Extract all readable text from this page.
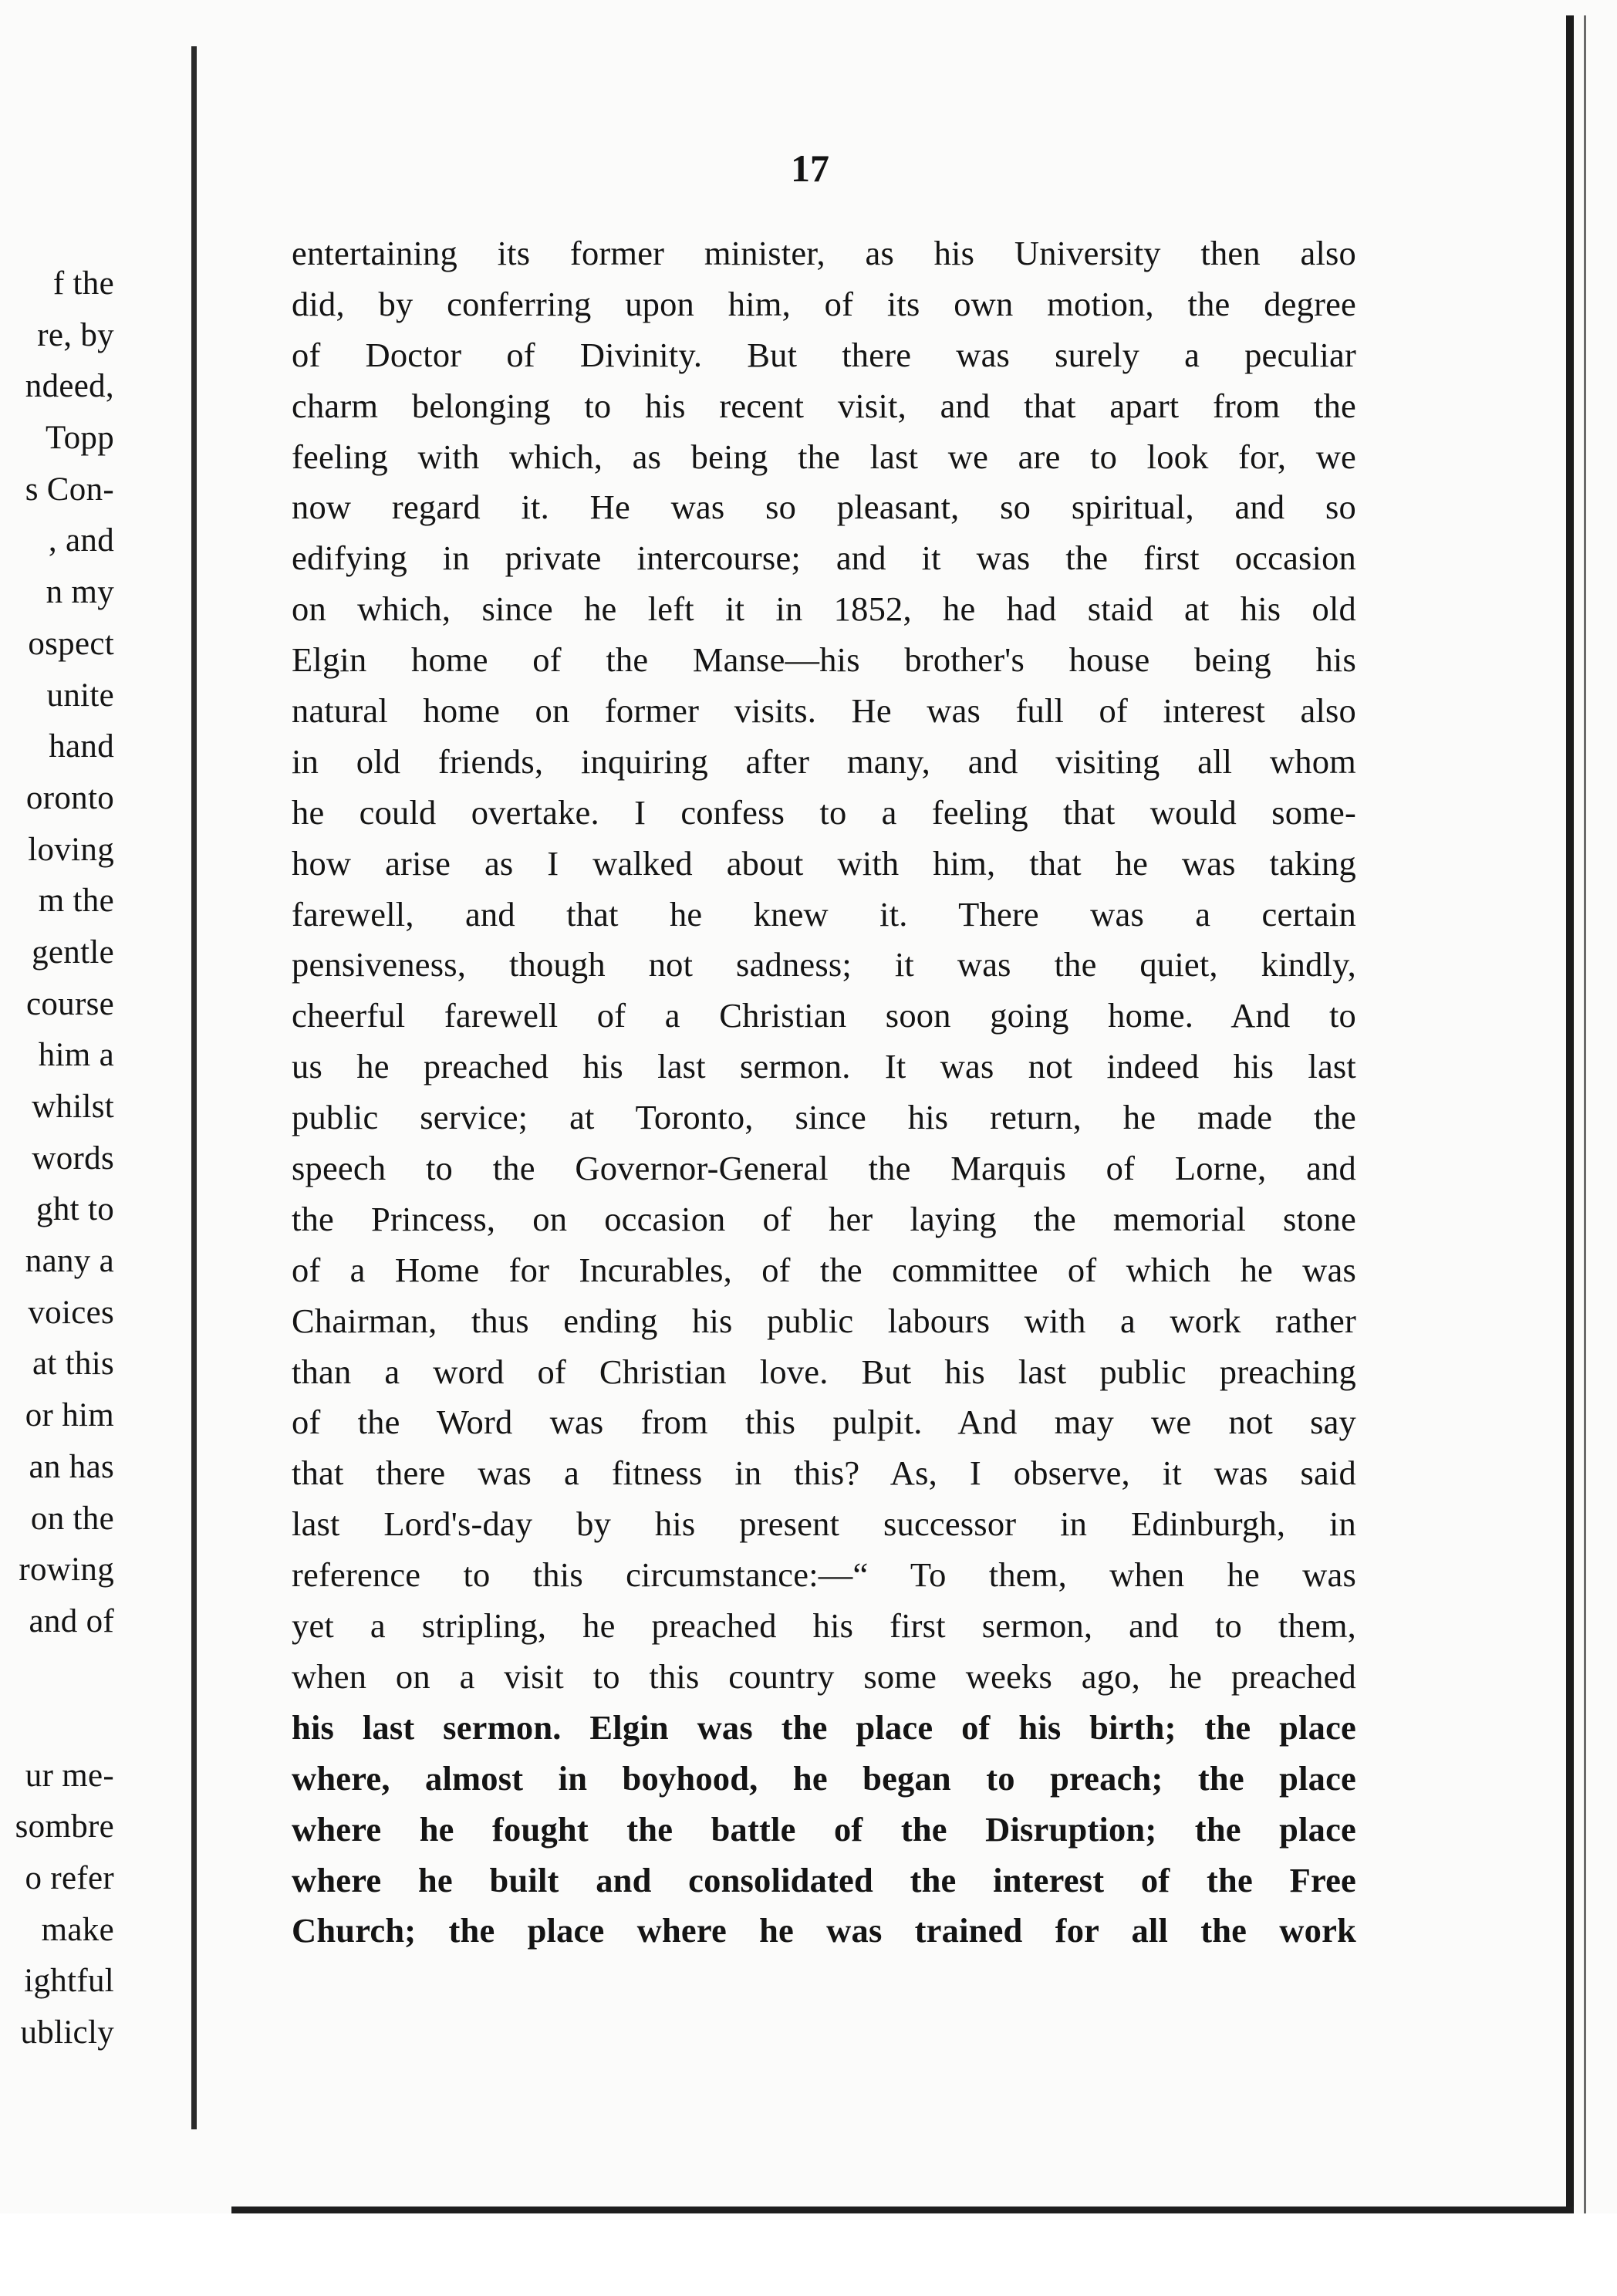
f the
re, by
ndeed,
Topp
s Con-
, and
n my
ospect
unite
hand
oronto
loving
m the
gentle
course
him a
whilst
words
ght to
nany a
voices
at this
or him
an has
on the
rowing
and of
ur me-
sombre
o refer
make
ightful
ublicly
17
entertaining its former minister, as his University then also
did, by conferring upon him, of its own motion, the degree
of Doctor of Divinity. But there was surely a peculiar
charm belonging to his recent visit, and that apart from the
feeling with which, as being the last we are to look for, we
now regard it. He was so pleasant, so spiritual, and so
edifying in private intercourse; and it was the first occasion
on which, since he left it in 1852, he had staid at his old
Elgin home of the Manse—his brother's house being his
natural home on former visits. He was full of interest also
in old friends, inquiring after many, and visiting all whom
he could overtake. I confess to a feeling that would some-
how arise as I walked about with him, that he was taking
farewell, and that he knew it. There was a certain
pensiveness, though not sadness; it was the quiet, kindly,
cheerful farewell of a Christian soon going home. And to
us he preached his last sermon. It was not indeed his last
public service; at Toronto, since his return, he made the
speech to the Governor-General the Marquis of Lorne, and
the Princess, on occasion of her laying the memorial stone
of a Home for Incurables, of the committee of which he was
Chairman, thus ending his public labours with a work rather
than a word of Christian love. But his last public preaching
of the Word was from this pulpit. And may we not say
that there was a fitness in this? As, I observe, it was said
last Lord's-day by his present successor in Edinburgh, in
reference to this circumstance:—“ To them, when he was
yet a stripling, he preached his first sermon, and to them,
when on a visit to this country some weeks ago, he preached
his last sermon. Elgin was the place of his birth; the place
where, almost in boyhood, he began to preach; the place
where he fought the battle of the Disruption; the place
where he built and consolidated the interest of the Free
Church; the place where he was trained for all the work
